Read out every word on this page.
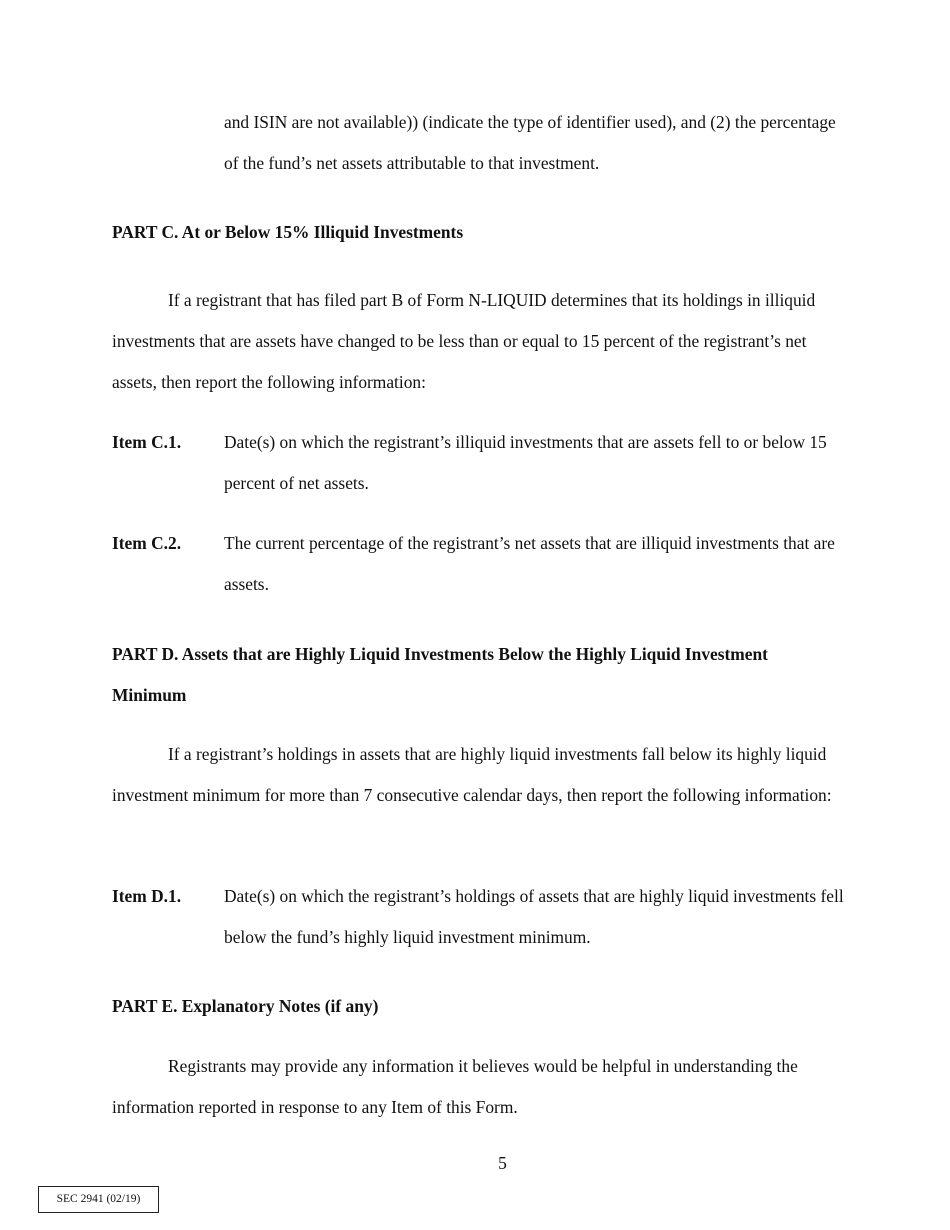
and ISIN are not available)) (indicate the type of identifier used), and (2) the percentage of the fund’s net assets attributable to that investment.

PART C. At or Below 15% Illiquid Investments

If a registrant that has filed part B of Form N-LIQUID determines that its holdings in illiquid investments that are assets have changed to be less than or equal to 15 percent of the registrant’s net assets, then report the following information:

Item C.1. Date(s) on which the registrant’s illiquid investments that are assets fell to or below 15 percent of net assets.
Item C.2. The current percentage of the registrant’s net assets that are illiquid investments that are assets.
PART D. Assets that are Highly Liquid Investments Below the Highly Liquid Investment Minimum

If a registrant’s holdings in assets that are highly liquid investments fall below its highly liquid investment minimum for more than 7 consecutive calendar days, then report the following information:

Item D.1. Date(s) on which the registrant’s holdings of assets that are highly liquid investments fell below the fund’s highly liquid investment minimum.
PART E. Explanatory Notes (if any)

Registrants may provide any information it believes would be helpful in understanding the information reported in response to any Item of this Form.

5
SEC 2941 (02/19)
